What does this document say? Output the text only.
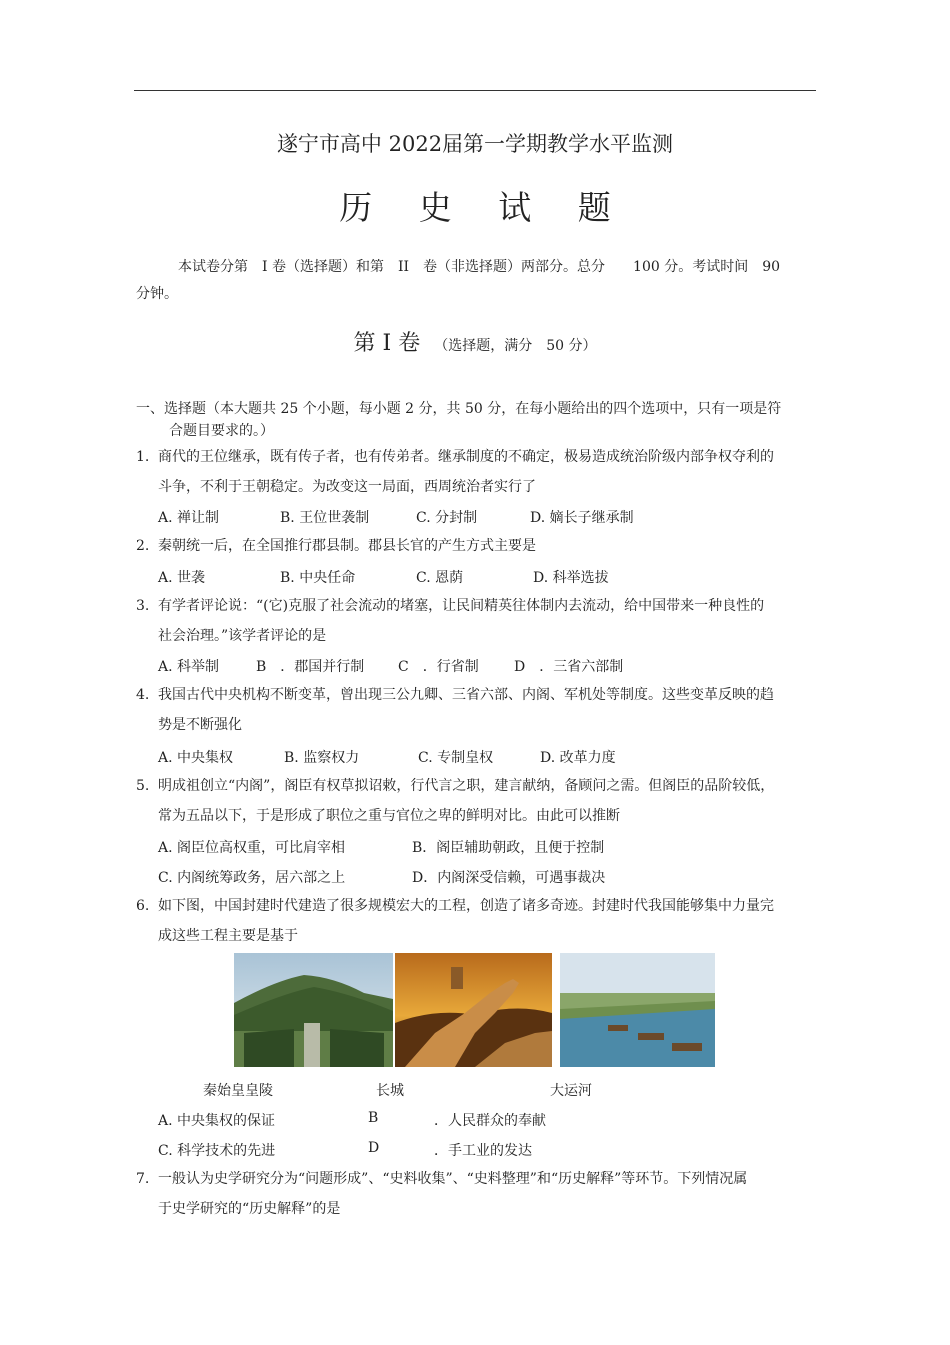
遂宁市高中 2022届第一学期教学水平监测
历 史 试 题
本试卷分第　I 卷（选择题）和第　II　卷（非选择题）两部分。总分　　100 分。考试时间　90
分钟。
第 I 卷 （选择题，满分　50 分）
一、选择题（本大题共 25 个小题，每小题 2 分，共 50 分，在每小题给出的四个选项中，只有一项是符
合题目要求的。）
1. 商代的王位继承，既有传子者，也有传弟者。继承制度的不确定，极易造成统治阶级内部争权夺利的
斗争，不利于王朝稳定。为改变这一局面，西周统治者实行了
A. 禅让制	B. 王位世袭制	C. 分封制	D. 嫡长子继承制
2. 秦朝统一后，在全国推行郡县制。郡县长官的产生方式主要是
A. 世袭	B. 中央任命	C. 恩荫	D. 科举选拔
3. 有学者评论说：“(它)克服了社会流动的堵塞，让民间精英往体制内去流动，给中国带来一种良性的
社会治理。”该学者评论的是
A. 科举制	B　．郡国并行制 C　．行省制	D　．三省六部制
4. 我国古代中央机构不断变革，曾出现三公九卿、三省六部、内阁、军机处等制度。这些变革反映的趋
势是不断强化
A. 中央集权	B. 监察权力	C. 专制皇权	D. 改革力度
5. 明成祖创立“内阁”，阁臣有权草拟诏敕，行代言之职，建言献纳，备顾问之需。但阁臣的品阶较低，
常为五品以下，于是形成了职位之重与官位之卑的鲜明对比。由此可以推断
A. 阁臣位高权重，可比肩宰相	B．阁臣辅助朝政，且便于控制
C. 内阁统筹政务，居六部之上	D．内阁深受信赖，可遇事裁决
6. 如下图，中国封建时代建造了很多规模宏大的工程，创造了诸多奇迹。封建时代我国能够集中力量完
成这些工程主要是基于
秦始皇皇陵	长城	大运河
A. 中央集权的保证	B	．人民群众的奉献
C. 科学技术的先进	D	．手工业的发达
7. 一般认为史学研究分为“问题形成”、“史料收集”、“史料整理”和“历史解释”等环节。下列情况属
于史学研究的“历史解释”的是
